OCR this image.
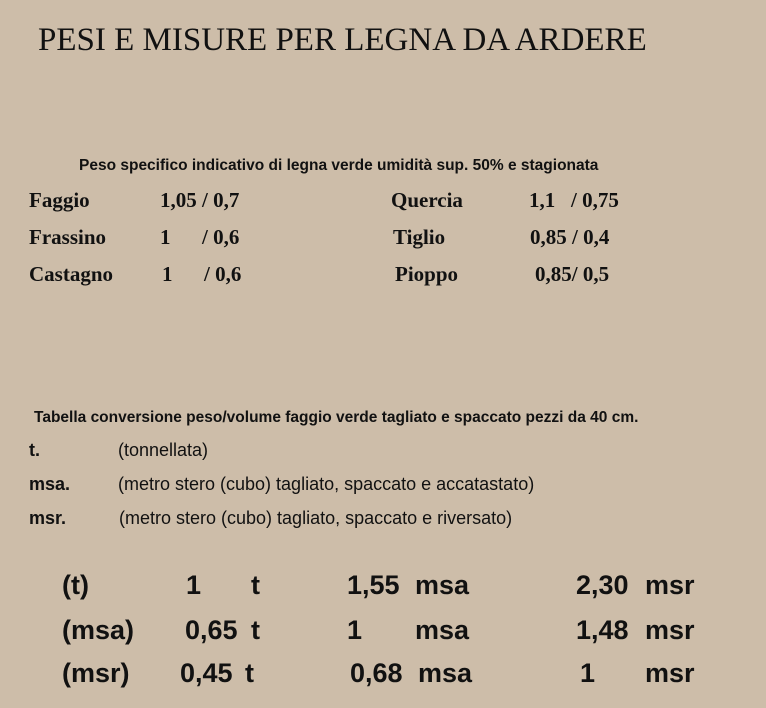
PESI E MISURE PER LEGNA DA ARDERE
Peso specifico indicativo di legna verde umidità sup. 50% e stagionata
Faggio	1,05 / 0,7	Quercia	1,1   / 0,75
Frassino	1      / 0,6	Tiglio	0,85 / 0,4
Castagno 1      / 0,6	Pioppo	0,85/ 0,5
Tabella conversione peso/volume faggio verde tagliato e spaccato pezzi da 40 cm.
t.	(tonnellata)
msa.	(metro stero (cubo) tagliato, spaccato e accatastato)
msr.	(metro stero (cubo) tagliato, spaccato e riversato)
(t)	1 t	1,55 msa	2,30 msr
(msa) 0,65 t	1 msa	1,48 msr
(msr) 0,45 t	0,68 msa	1 msr
